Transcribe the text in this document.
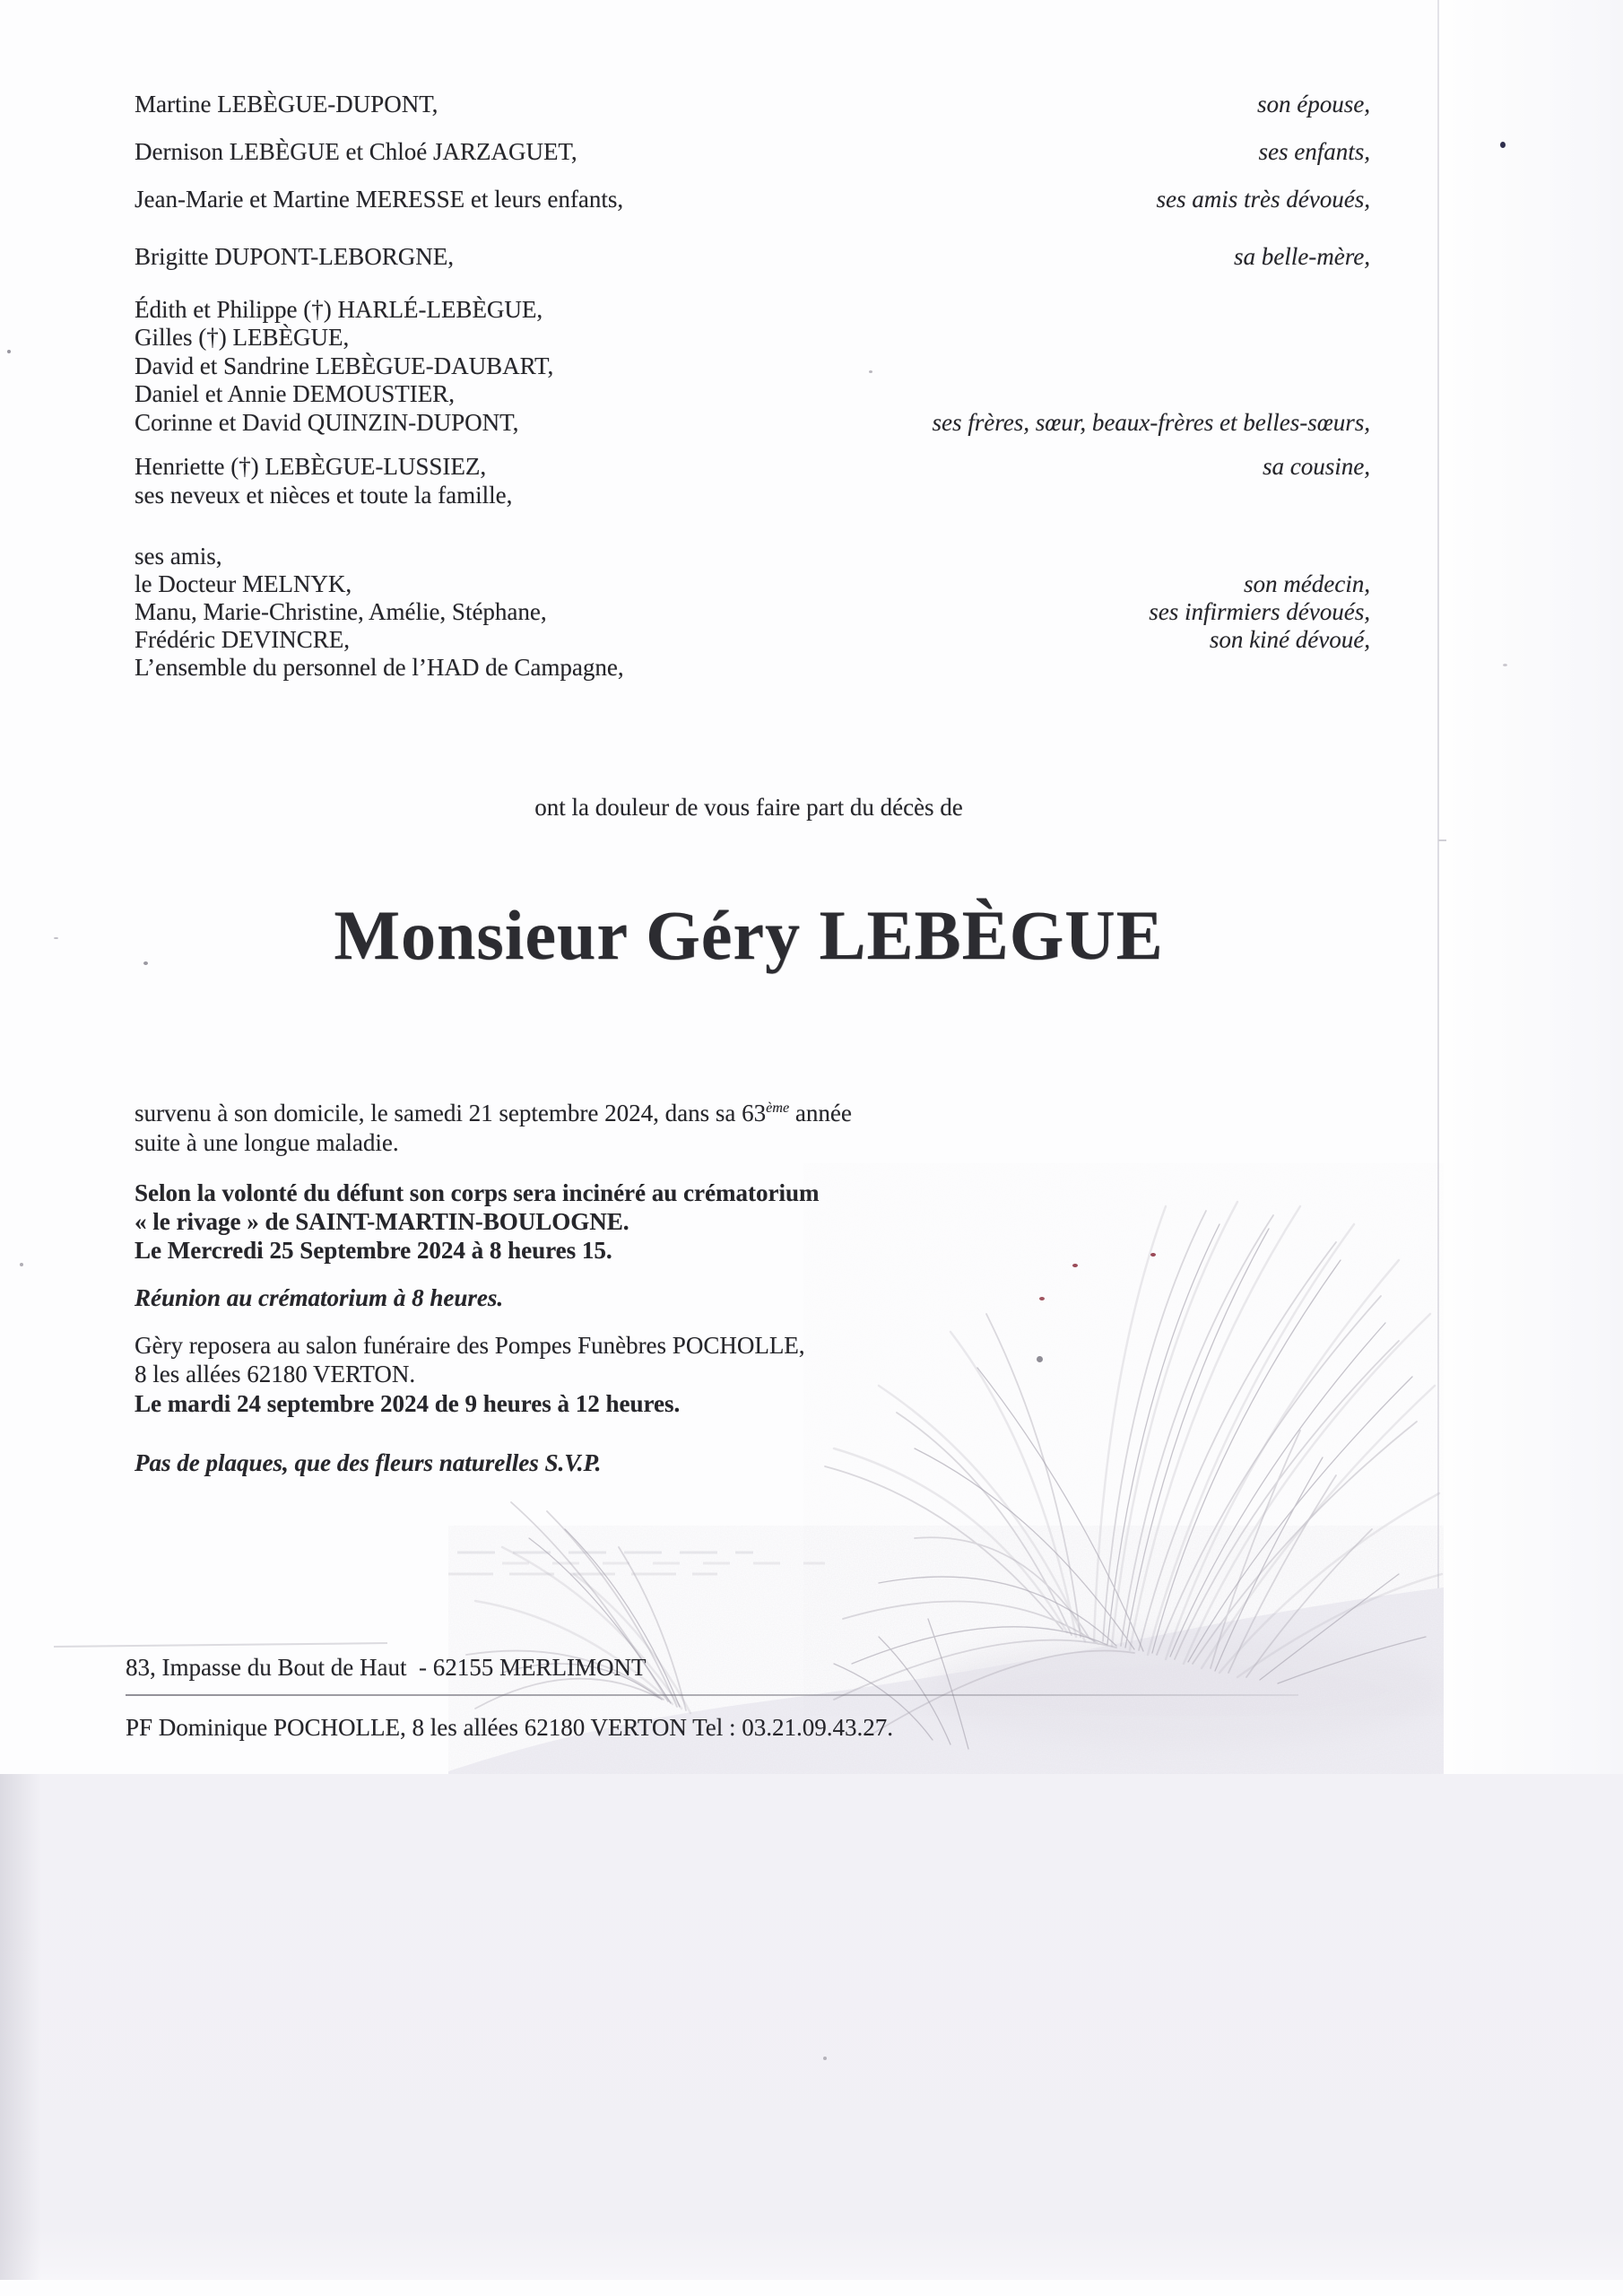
Martine LEBÈGUE-DUPONT,
Dernison LEBÈGUE et Chloé JARZAGUET,
Jean-Marie et Martine MERESSE et leurs enfants,
Brigitte DUPONT-LEBORGNE,
Édith et Philippe (†) HARLÉ-LEBÈGUE,
Gilles (†) LEBÈGUE,
David et Sandrine LEBÈGUE-DAUBART,
Daniel et Annie DEMOUSTIER,
Corinne et David QUINZIN-DUPONT,
Henriette (†) LEBÈGUE-LUSSIEZ,
ses neveux et nièces et toute la famille,
ses amis,
le Docteur MELNYK,
Manu, Marie-Christine, Amélie, Stéphane,
Frédéric DEVINCRE,
L’ensemble du personnel de l’HAD de Campagne,
son épouse,
ses enfants,
ses amis très dévoués,
sa belle-mère,
ses frères, sœur, beaux-frères et belles-sœurs,
sa cousine,
son médecin,
ses infirmiers dévoués,
son kiné dévoué,
ont la douleur de vous faire part du décès de
Monsieur Géry LEBÈGUE
survenu à son domicile, le samedi 21 septembre 2024, dans sa 63ème année
suite à une longue maladie.
Selon la volonté du défunt son corps sera incinéré au crématorium
« le rivage » de SAINT-MARTIN-BOULOGNE.
Le Mercredi 25 Septembre 2024 à 8 heures 15.
Réunion au crématorium à 8 heures.
Gèry reposera au salon funéraire des Pompes Funèbres POCHOLLE,
8 les allées 62180 VERTON.
Le mardi 24 septembre 2024 de 9 heures à 12 heures.
Pas de plaques, que des fleurs naturelles S.V.P.
83, Impasse du Bout de Haut  - 62155 MERLIMONT
PF Dominique POCHOLLE, 8 les allées 62180 VERTON Tel : 03.21.09.43.27.
